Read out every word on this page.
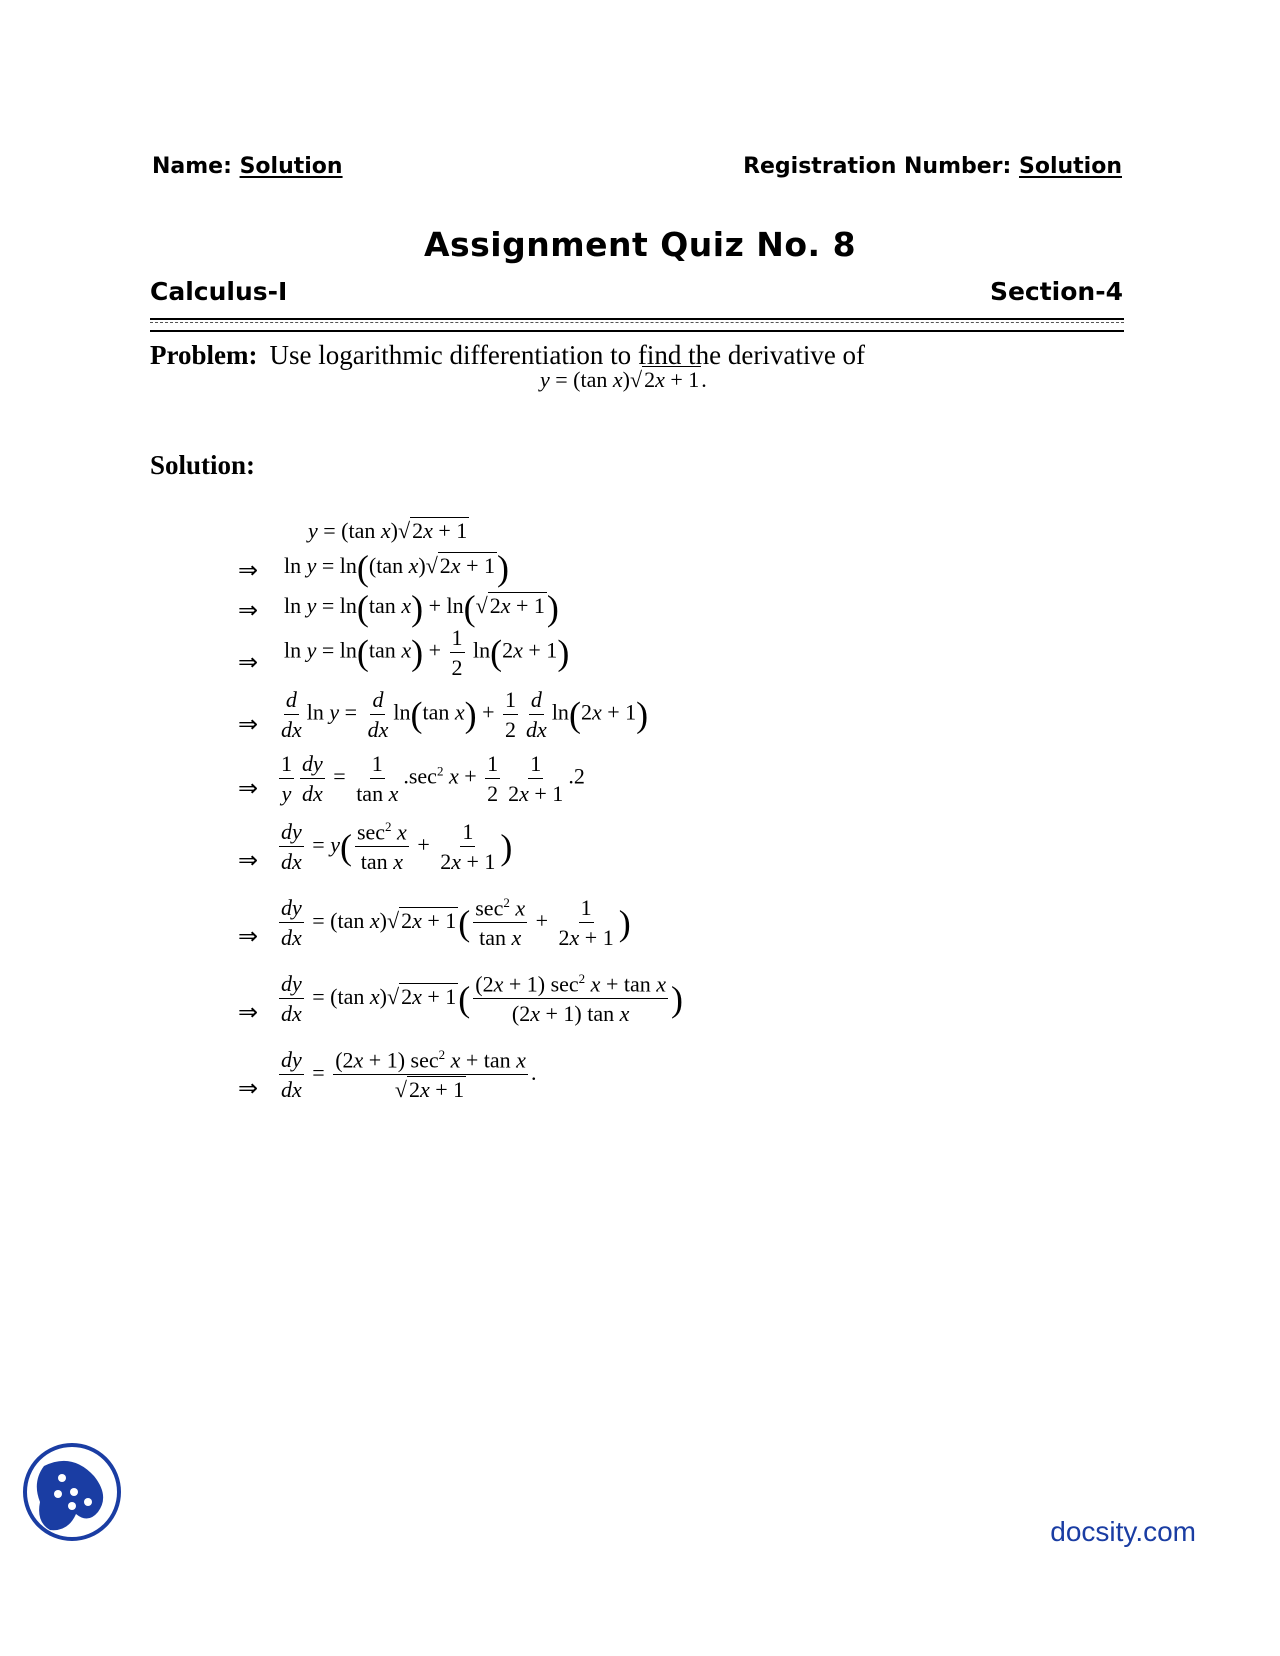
Name: Solution	Registration Number: Solution
Assignment Quiz No. 8
Calculus-I	Section-4
Problem: Use logarithmic differentiation to find the derivative of
y = (tan x)√2x + 1.
Solution:
y = (tan x)√2x + 1
⇒ ln y = ln((tan x)√2x + 1)
⇒ ln y = ln(tan x) + ln(√2x + 1)
⇒ ln y = ln(tan $x) + \frac{1}{2} \ln(2x + 1)$
⇒ $\frac{d}{dx}$ $\ln y = \frac{d}{dx} \ln(\tan$ $x) + \frac{1}{2} \frac{d}{dx} \ln(2x + 1)$
⇒ $\frac{1}{y} \frac{dy}{dx} = \frac{1}{\text{tan x}} .\sec^2$ $x + \frac{1}{2} \frac{1}{2x + 1} .2$
⇒ $\frac{dy}{dx} = y( \frac{\sec^2 x}{\text{tan x}} + \frac{1}{2x + 1}$ )
⇒ $\frac{dy}{dx} = (\tan$ $x)√2x + 1( \frac{\sec^2 x}{\text{tan x}} + \frac{1}{2x + 1}$ )
⇒ $\frac{dy}{dx} = (\tan$ $x)√2x + 1( \frac{(2x + 1) \sec^2 x + \tan x}{\text{(2x + 1) tan x}}$ )
⇒ $\frac{dy}{dx} = \frac{(2x + 1) \sec^2 x + \tan x}{√2x + 1}$ .
docsity.com
